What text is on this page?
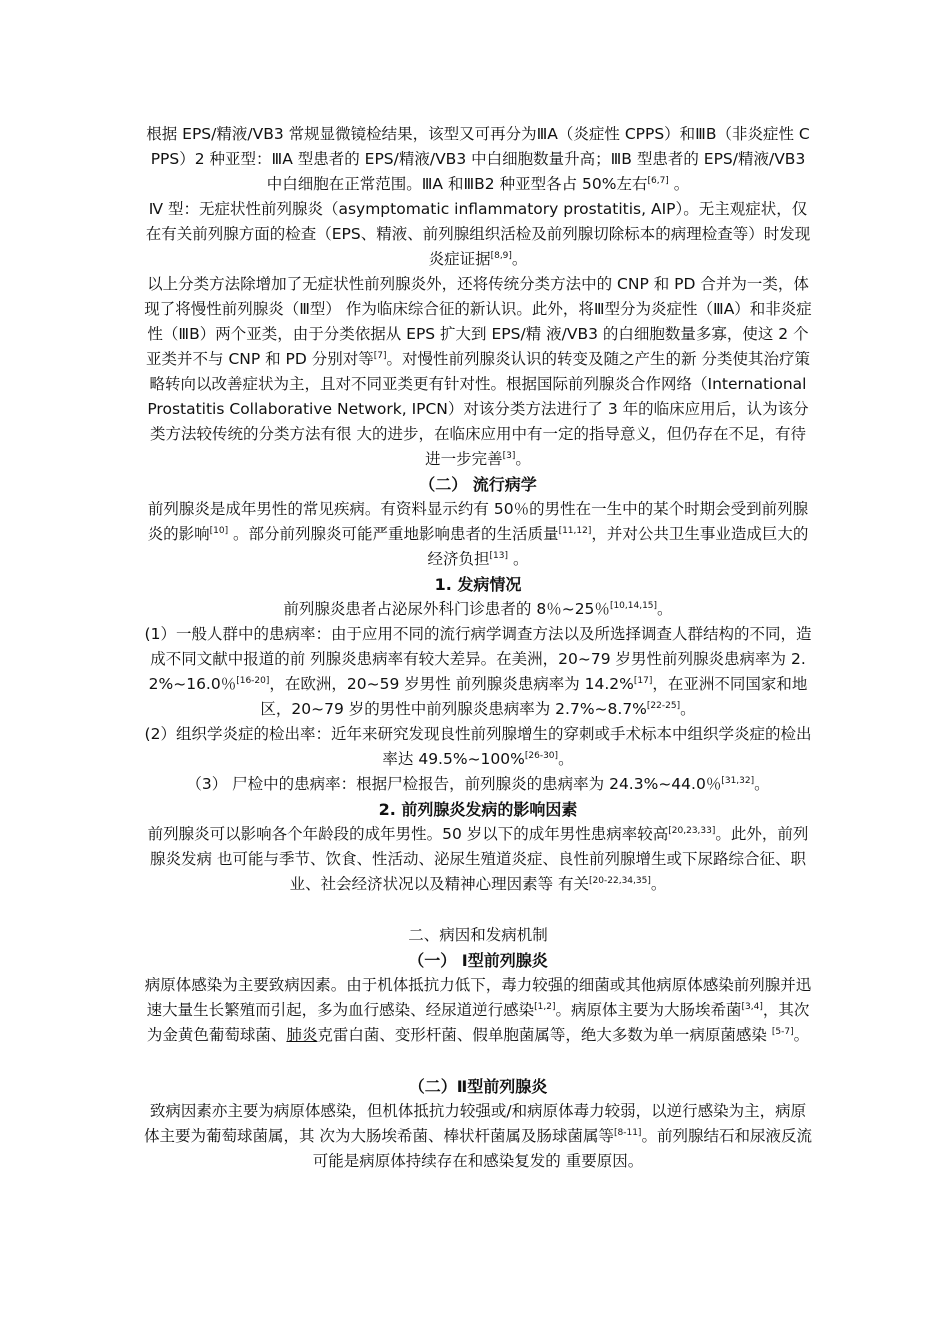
根据 EPS/精液/VB3 常规显微镜检结果，该型又可再分为ⅢA（炎症性 CPPS）和ⅢB（非炎症性 CPPS）2 种亚型：ⅢA 型患者的 EPS/精液/VB3 中白细胞数量升高；ⅢB 型患者的 EPS/精液/VB3 中白细胞在正常范围。ⅢA 和ⅢB2 种亚型各占 50%左右[6,7] 。

Ⅳ 型：无症状性前列腺炎（asymptomatic inflammatory prostatitis, AIP）。无主观症状，仅在有关前列腺方面的检查（EPS、精液、前列腺组织活检及前列腺切除标本的病理检查等）时发现炎症证据[8,9]。

以上分类方法除增加了无症状性前列腺炎外，还将传统分类方法中的 CNP 和 PD 合并为一类，体现了将慢性前列腺炎（Ⅲ型） 作为临床综合征的新认识。此外，将Ⅲ型分为炎症性（ⅢA）和非炎症性（ⅢB）两个亚类，由于分类依据从 EPS 扩大到 EPS/精 液/VB3 的白细胞数量多寡，使这 2 个亚类并不与 CNP 和 PD 分别对等[7]。对慢性前列腺炎认识的转变及随之产生的新 分类使其治疗策略转向以改善症状为主，且对不同亚类更有针对性。根据国际前列腺炎合作网络（International Prostatitis Collaborative Network, IPCN）对该分类方法进行了 3 年的临床应用后，认为该分类方法较传统的分类方法有很 大的进步，在临床应用中有一定的指导意义，但仍存在不足，有待进一步完善[3]。

（二） 流行病学

前列腺炎是成年男性的常见疾病。有资料显示约有 50％的男性在一生中的某个时期会受到前列腺炎的影响[10] 。部分前列腺炎可能严重地影响患者的生活质量[11,12]，并对公共卫生事业造成巨大的经济负担[13] 。

1. 发病情况

前列腺炎患者占泌尿外科门诊患者的 8％~25％[10,14,15]。

(1）一般人群中的患病率：由于应用不同的流行病学调查方法以及所选择调查人群结构的不同，造成不同文献中报道的前 列腺炎患病率有较大差异。在美洲，20~79 岁男性前列腺炎患病率为 2.2%~16.0％[16-20]，在欧洲，20~59 岁男性 前列腺炎患病率为 14.2%[17]，在亚洲不同国家和地区，20~79 岁的男性中前列腺炎患病率为 2.7%~8.7%[22-25]。

(2）组织学炎症的检出率：近年来研究发现良性前列腺增生的穿刺或手术标本中组织学炎症的检出率达 49.5%~100%[26-30]。

（3） 尸检中的患病率：根据尸检报告，前列腺炎的患病率为 24.3%~44.0％[31,32]。

2. 前列腺炎发病的影响因素

前列腺炎可以影响各个年龄段的成年男性。50 岁以下的成年男性患病率较高[20,23,33]。此外，前列腺炎发病 也可能与季节、饮食、性活动、泌尿生殖道炎症、良性前列腺增生或下尿路综合征、职业、社会经济状况以及精神心理因素等 有关[20-22,34,35]。

二、病因和发病机制
（一） Ⅰ型前列腺炎

病原体感染为主要致病因素。由于机体抵抗力低下，毒力较强的细菌或其他病原体感染前列腺并迅速大量生长繁殖而引起，多为血行感染、经尿道逆行感染[1,2]。病原体主要为大肠埃希菌[3,4]，其次为金黄色葡萄球菌、肺炎克雷白菌、变形杆菌、假单胞菌属等，绝大多数为单一病原菌感染 [5-7]。

（二）Ⅱ型前列腺炎

致病因素亦主要为病原体感染，但机体抵抗力较强或/和病原体毒力较弱，以逆行感染为主，病原体主要为葡萄球菌属，其 次为大肠埃希菌、棒状杆菌属及肠球菌属等[8-11]。前列腺结石和尿液反流可能是病原体持续存在和感染复发的 重要原因。
